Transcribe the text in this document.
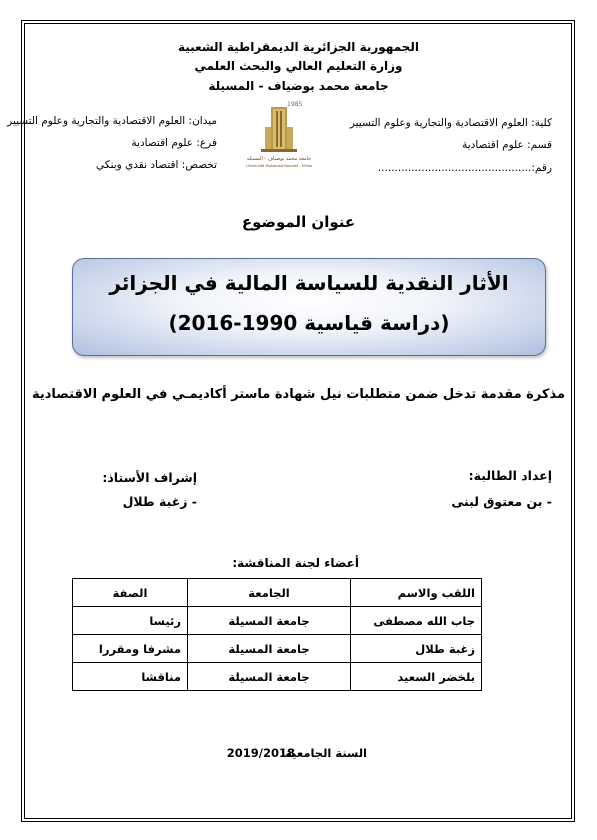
الجمهورية الجزائرية الديمقراطية الشعبية
وزارة التعليم العالي والبحث العلمي
جامعة محمد بوضياف - المسيلة
كلية: العلوم الاقتصادية والتجارية وعلوم التسيير
قسم: علوم اقتصادية
رقم:..............................................
ميدان: العلوم الاقتصادية والتجارية وعلوم التسيير
فرع: علوم اقتصادية
تخصص: اقتصاد نقدي وبنكي
1985
جامعة محمد بوضياف - المسيلة
Université Mohamed Boudiaf - M'sila
عنوان الموضوع
الأثار النقدية للسياسة المالية في الجزائر
(دراسة قياسية 1990-2016)
مذكرة مقدمة تدخل ضمن متطلبات نيل شهادة ماستر أكاديمـي في العلوم الاقتصادية
إعداد الطالبة:
- بن معتوق لبنى
إشراف الأستاذ:
- زغبة طلال
أعضاء لجنة المناقشة:
اللقب والاسم	الجامعة	الصفة
جاب الله مصطفى	جامعة المسيلة	رئيسا
زغبة طلال	جامعة المسيلة	مشرفا ومقررا
بلخضر السعيد	جامعة المسيلة	مناقشا
السنة الجامعية:
2019/2018
